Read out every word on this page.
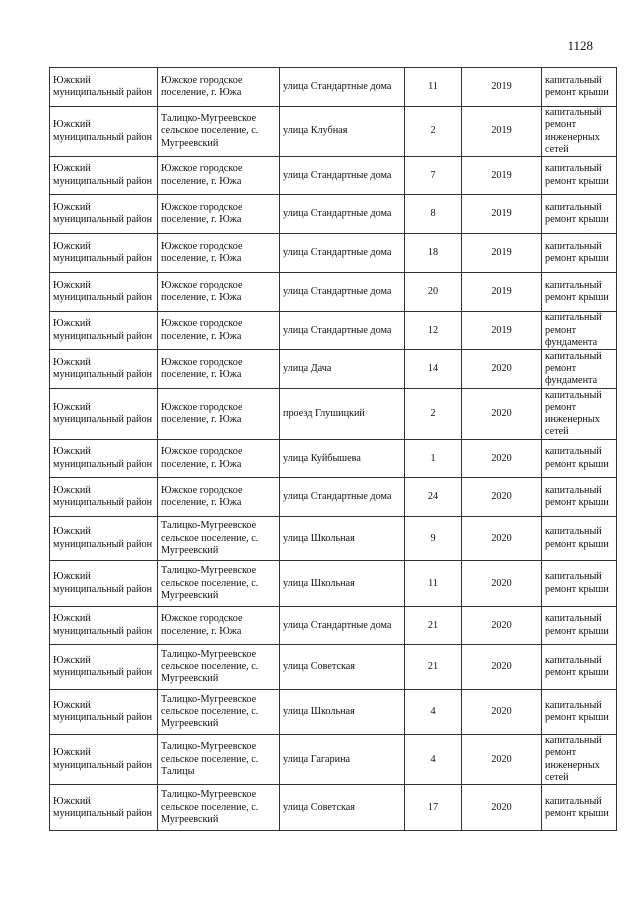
1128
Южский муниципальный район	Южское городское поселение, г. Южа	улица Стандартные дома	11	2019	капитальный ремонт крыши
Южский муниципальный район	Талицко-Мугреевское сельское поселение, с. Мугреевский	улица Клубная	2	2019	капитальный ремонт инженерных сетей
Южский муниципальный район	Южское городское поселение, г. Южа	улица Стандартные дома	7	2019	капитальный ремонт крыши
Южский муниципальный район	Южское городское поселение, г. Южа	улица Стандартные дома	8	2019	капитальный ремонт крыши
Южский муниципальный район	Южское городское поселение, г. Южа	улица Стандартные дома	18	2019	капитальный ремонт крыши
Южский муниципальный район	Южское городское поселение, г. Южа	улица Стандартные дома	20	2019	капитальный ремонт крыши
Южский муниципальный район	Южское городское поселение, г. Южа	улица Стандартные дома	12	2019	капитальный ремонт фундамента
Южский муниципальный район	Южское городское поселение, г. Южа	улица Дача	14	2020	капитальный ремонт фундамента
Южский муниципальный район	Южское городское поселение, г. Южа	проезд Глушицкий	2	2020	капитальный ремонт инженерных сетей
Южский муниципальный район	Южское городское поселение, г. Южа	улица Куйбышева	1	2020	капитальный ремонт крыши
Южский муниципальный район	Южское городское поселение, г. Южа	улица Стандартные дома	24	2020	капитальный ремонт крыши
Южский муниципальный район	Талицко-Мугреевское сельское поселение, с. Мугреевский	улица Школьная	9	2020	капитальный ремонт крыши
Южский муниципальный район	Талицко-Мугреевское сельское поселение, с. Мугреевский	улица Школьная	11	2020	капитальный ремонт крыши
Южский муниципальный район	Южское городское поселение, г. Южа	улица Стандартные дома	21	2020	капитальный ремонт крыши
Южский муниципальный район	Талицко-Мугреевское сельское поселение, с. Мугреевский	улица Советская	21	2020	капитальный ремонт крыши
Южский муниципальный район	Талицко-Мугреевское сельское поселение, с. Мугреевский	улица Школьная	4	2020	капитальный ремонт крыши
Южский муниципальный район	Талицко-Мугреевское сельское поселение, с. Талицы	улица Гагарина	4	2020	капитальный ремонт инженерных сетей
Южский муниципальный район	Талицко-Мугреевское сельское поселение, с. Мугреевский	улица Советская	17	2020	капитальный ремонт крыши
